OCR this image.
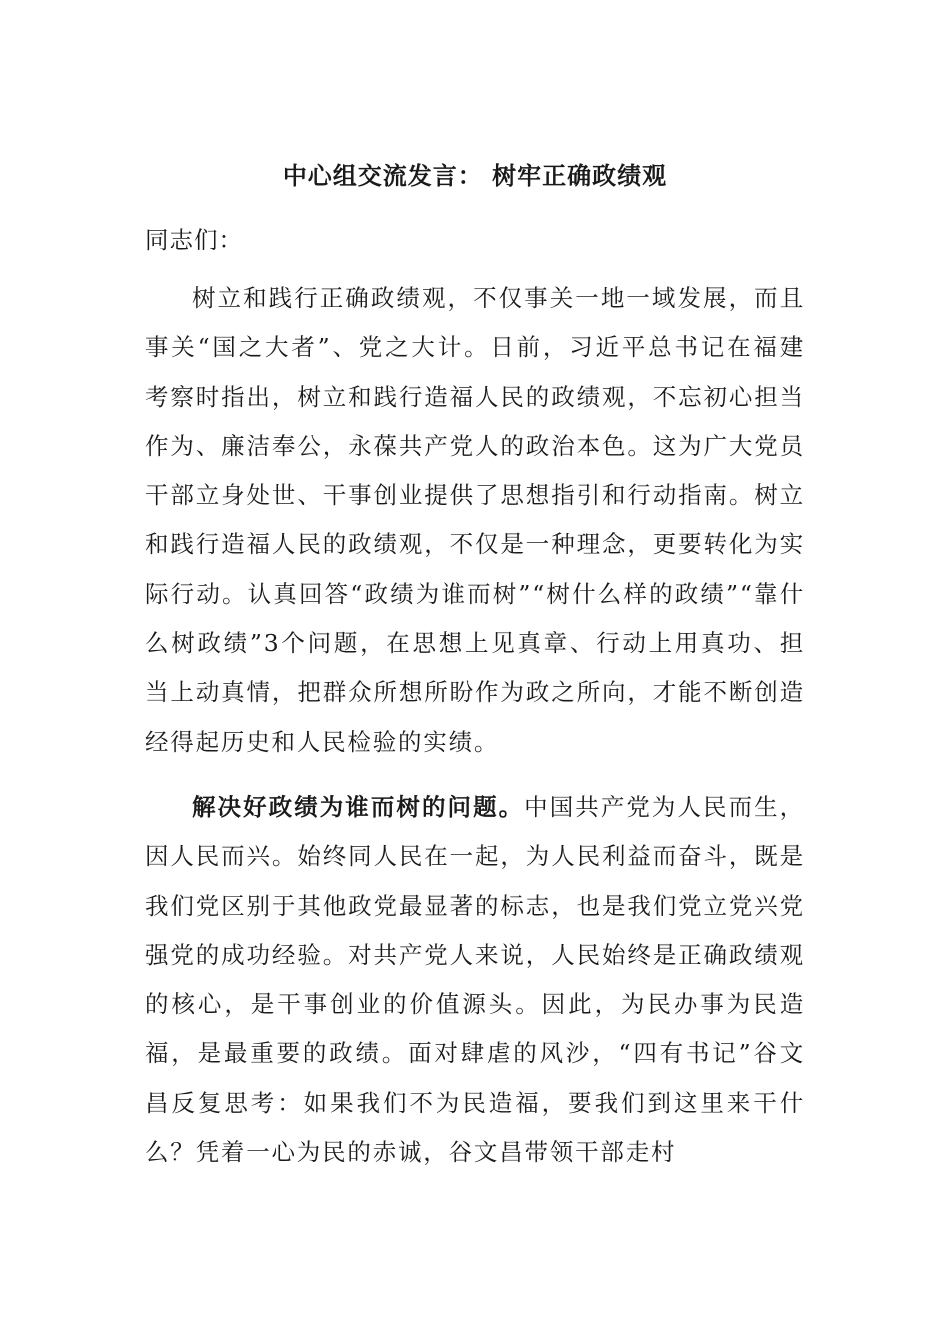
中心组交流发言： 树牢正确政绩观
同志们：

树立和践行正确政绩观，不仅事关一地一域发展，而且事关“国之大者”、党之大计。日前，习近平总书记在福建考察时指出，树立和践行造福人民的政绩观，不忘初心担当作为、廉洁奉公，永葆共产党人的政治本色。这为广大党员干部立身处世、干事创业提供了思想指引和行动指南。树立和践行造福人民的政绩观，不仅是一种理念，更要转化为实际行动。认真回答“政绩为谁而树”“树什么样的政绩”“靠什么树政绩”3个问题，在思想上见真章、行动上用真功、担当上动真情，把群众所想所盼作为政之所向，才能不断创造经得起历史和人民检验的实绩。

解决好政绩为谁而树的问题。中国共产党为人民而生，因人民而兴。始终同人民在一起，为人民利益而奋斗，既是我们党区别于其他政党最显著的标志，也是我们党立党兴党强党的成功经验。对共产党人来说，人民始终是正确政绩观的核心，是干事创业的价值源头。因此，为民办事为民造福，是最重要的政绩。面对肆虐的风沙，“四有书记”谷文昌反复思考：如果我们不为民造福，要我们到这里来干什么？凭着一心为民的赤诚，谷文昌带领干部走村
